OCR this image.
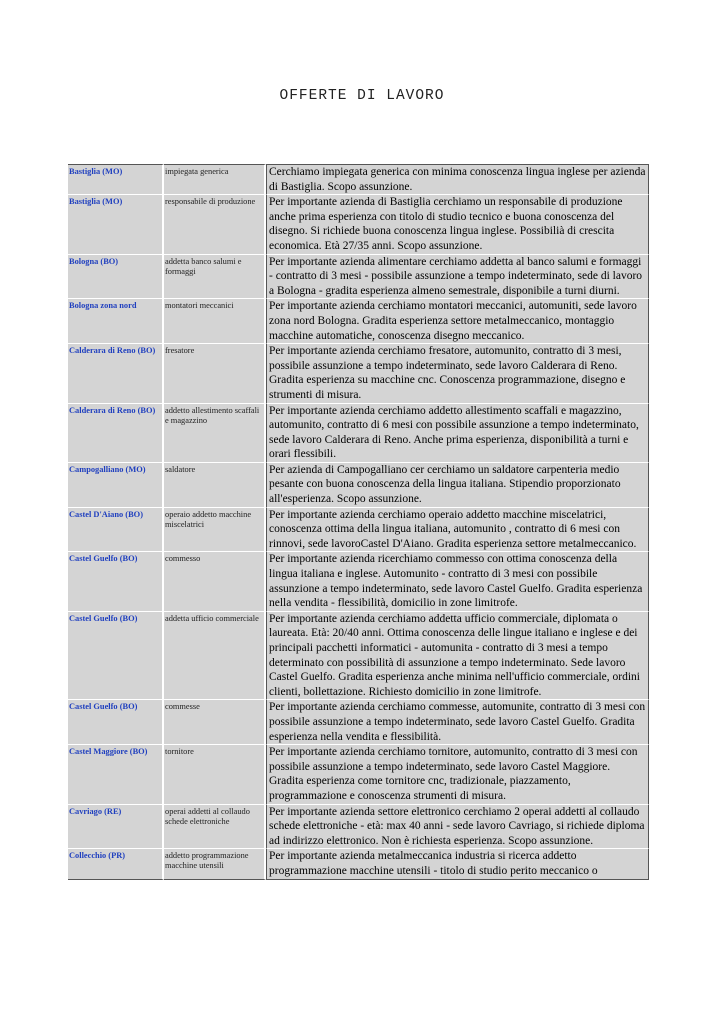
OFFERTE DI LAVORO
Bastiglia (MO)	impiegata generica	Cerchiamo impiegata generica con minima conoscenza lingua inglese per azienda di Bastiglia. Scopo assunzione.
Bastiglia (MO)	responsabile di produzione	Per importante azienda di Bastiglia cerchiamo un responsabile di produzione anche prima esperienza con titolo di studio tecnico e buona conoscenza del disegno. Si richiede buona conoscenza lingua inglese. Possibilià di crescita economica. Età 27/35 anni. Scopo assunzione.
Bologna (BO)	addetta banco salumi e formaggi	Per importante azienda alimentare cerchiamo addetta al banco salumi e formaggi - contratto di 3 mesi - possibile assunzione a tempo indeterminato, sede di lavoro a Bologna - gradita esperienza almeno semestrale, disponibile a turni diurni.
Bologna zona nord	montatori meccanici	Per importante azienda cerchiamo montatori meccanici, automuniti, sede lavoro zona nord Bologna. Gradita esperienza settore metalmeccanico, montaggio macchine automatiche, conoscenza disegno meccanico.
Calderara di Reno (BO)	fresatore	Per importante azienda cerchiamo fresatore, automunito, contratto di 3 mesi, possibile assunzione a tempo indeterminato, sede lavoro Calderara di Reno. Gradita esperienza su macchine cnc. Conoscenza programmazione, disegno e strumenti di misura.
Calderara di Reno (BO)	addetto allestimento scaffali e magazzino	Per importante azienda cerchiamo addetto allestimento scaffali e magazzino, automunito, contratto di 6 mesi con possibile assunzione a tempo indeterminato, sede lavoro Calderara di Reno. Anche prima esperienza, disponibilità a turni e orari flessibili.
Campogalliano (MO)	saldatore	Per azienda di Campogalliano cer cerchiamo un saldatore carpenteria medio pesante con buona conoscenza della lingua italiana. Stipendio proporzionato all'esperienza. Scopo assunzione.
Castel D'Aiano (BO)	operaio addetto macchine miscelatrici	Per importante azienda cerchiamo operaio addetto macchine miscelatrici, conoscenza ottima della lingua italiana, automunito , contratto di 6 mesi con rinnovi, sede lavoroCastel D'Aiano. Gradita esperienza settore metalmeccanico.
Castel Guelfo (BO)	commesso	Per importante azienda ricerchiamo commesso con ottima conoscenza della lingua italiana e inglese. Automunito - contratto di 3 mesi con possibile assunzione a tempo indeterminato, sede lavoro Castel Guelfo. Gradita esperienza nella vendita - flessibilità, domicilio in zone limitrofe.
Castel Guelfo (BO)	addetta ufficio commerciale	Per importante azienda cerchiamo addetta ufficio commerciale, diplomata o laureata. Età: 20/40 anni. Ottima conoscenza delle lingue italiano e inglese e dei principali pacchetti informatici - automunita - contratto di 3 mesi a tempo determinato con possibilità di assunzione a tempo indeterminato. Sede lavoro Castel Guelfo. Gradita esperienza anche minima nell'ufficio commerciale, ordini clienti, bollettazione. Richiesto domicilio in zone limitrofe.
Castel Guelfo (BO)	commesse	Per importante azienda cerchiamo commesse, automunite, contratto di 3 mesi con possibile assunzione a tempo indeterminato, sede lavoro Castel Guelfo. Gradita esperienza nella vendita e flessibilità.
Castel Maggiore (BO)	tornitore	Per importante azienda cerchiamo tornitore, automunito, contratto di 3 mesi con possibile assunzione a tempo indeterminato, sede lavoro Castel Maggiore. Gradita esperienza come tornitore cnc, tradizionale, piazzamento, programmazione e conoscenza strumenti di misura.
Cavriago (RE)	operai addetti al collaudo schede elettroniche	Per importante azienda settore elettronico cerchiamo 2 operai addetti al collaudo schede elettroniche - età: max 40 anni - sede lavoro Cavriago, si richiede diploma ad indirizzo elettronico. Non è richiesta esperienza. Scopo assunzione.
Collecchio (PR)	addetto programmazione macchine utensili	Per importante azienda metalmeccanica industria si ricerca addetto programmazione macchine utensili - titolo di studio perito meccanico o
